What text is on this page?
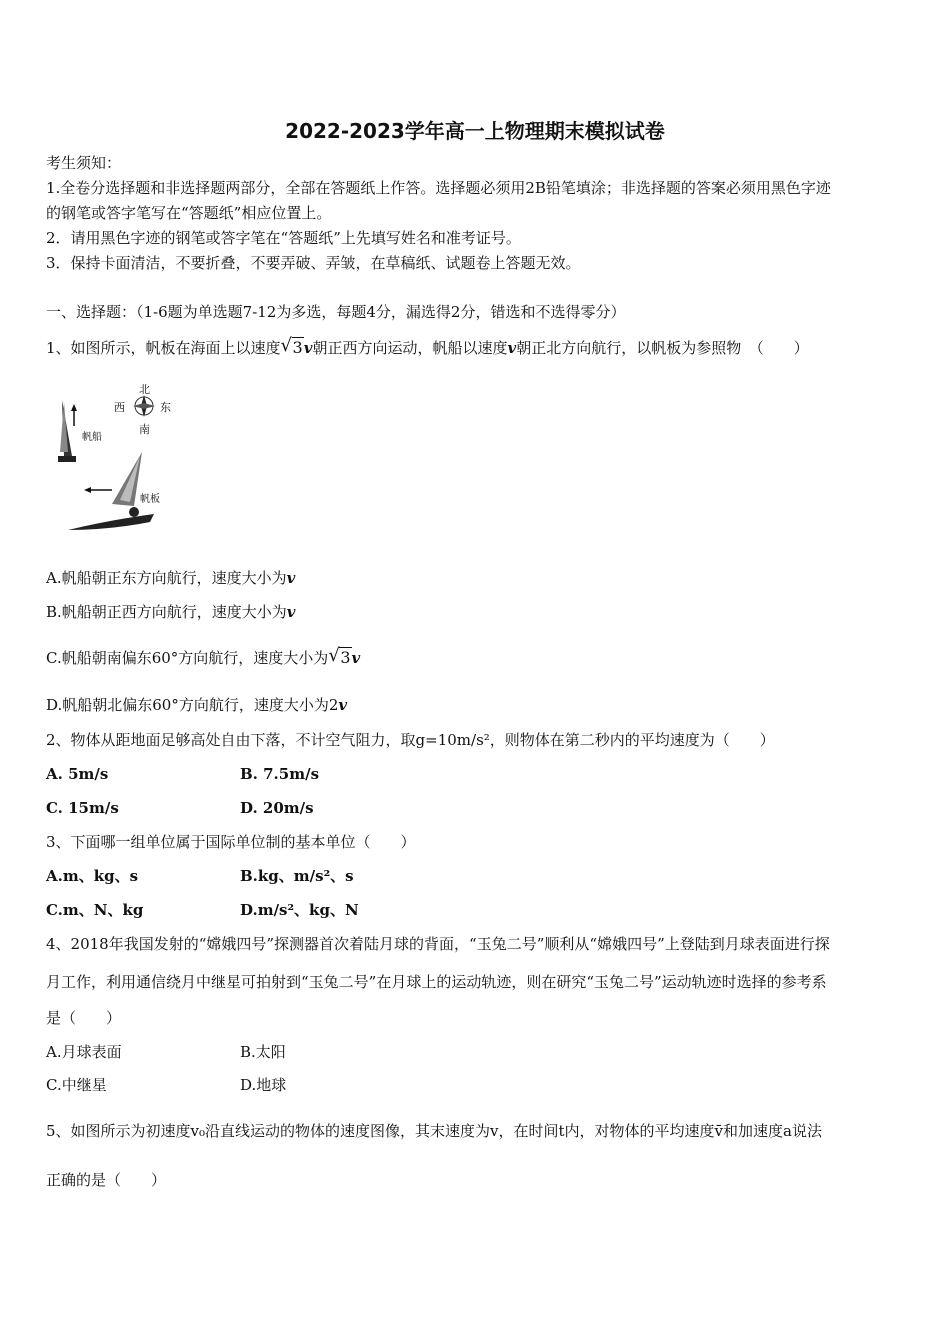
2022-2023学年高一上物理期末模拟试卷
考生须知：
1.全卷分选择题和非选择题两部分，全部在答题纸上作答。选择题必须用2B铅笔填涂；非选择题的答案必须用黑色字迹
的钢笔或答字笔写在“答题纸”相应位置上。
2．请用黑色字迹的钢笔或答字笔在“答题纸”上先填写姓名和准考证号。
3．保持卡面清洁，不要折叠，不要弄破、弄皱，在草稿纸、试题卷上答题无效。
一、选择题：（1-6题为单选题7-12为多选，每题4分，漏选得2分，错选和不选得零分）
1、如图所示，帆板在海面上以速度 √ 3v朝正西方向运动，帆船以速度v朝正北方向航行，以帆板为参照物　（　　）
北
南
西	东
帆船
帆板
A.帆船朝正东方向航行，速度大小为v
B.帆船朝正西方向航行，速度大小为v
C.帆船朝南偏东60°方向航行，速度大小为 √ 3v
D.帆船朝北偏东60°方向航行，速度大小为2v
2、物体从距地面足够高处自由下落，不计空气阻力，取g=10m/s²，则物体在第二秒内的平均速度为（　　）
A. 5m/s	B. 7.5m/s
C. 15m/s	D. 20m/s
3、下面哪一组单位属于国际单位制的基本单位（　　）
A.m、kg、s	B.kg、m/s²、s
C.m、N、kg	D.m/s²、kg、N
4、2018年我国发射的“嫦娥四号”探测器首次着陆月球的背面，“玉兔二号”顺利从“嫦娥四号”上登陆到月球表面进行探
月工作，利用通信绕月中继星可拍射到“玉兔二号”在月球上的运动轨迹，则在研究“玉兔二号”运动轨迹时选择的参考系
是（　　）
A.月球表面	B.太阳
C.中继星	D.地球
5、如图所示为初速度v₀沿直线运动的物体的速度图像，其末速度为v，在时间t内，对物体的平均速度v̄和加速度a说法
正确的是（　　）
